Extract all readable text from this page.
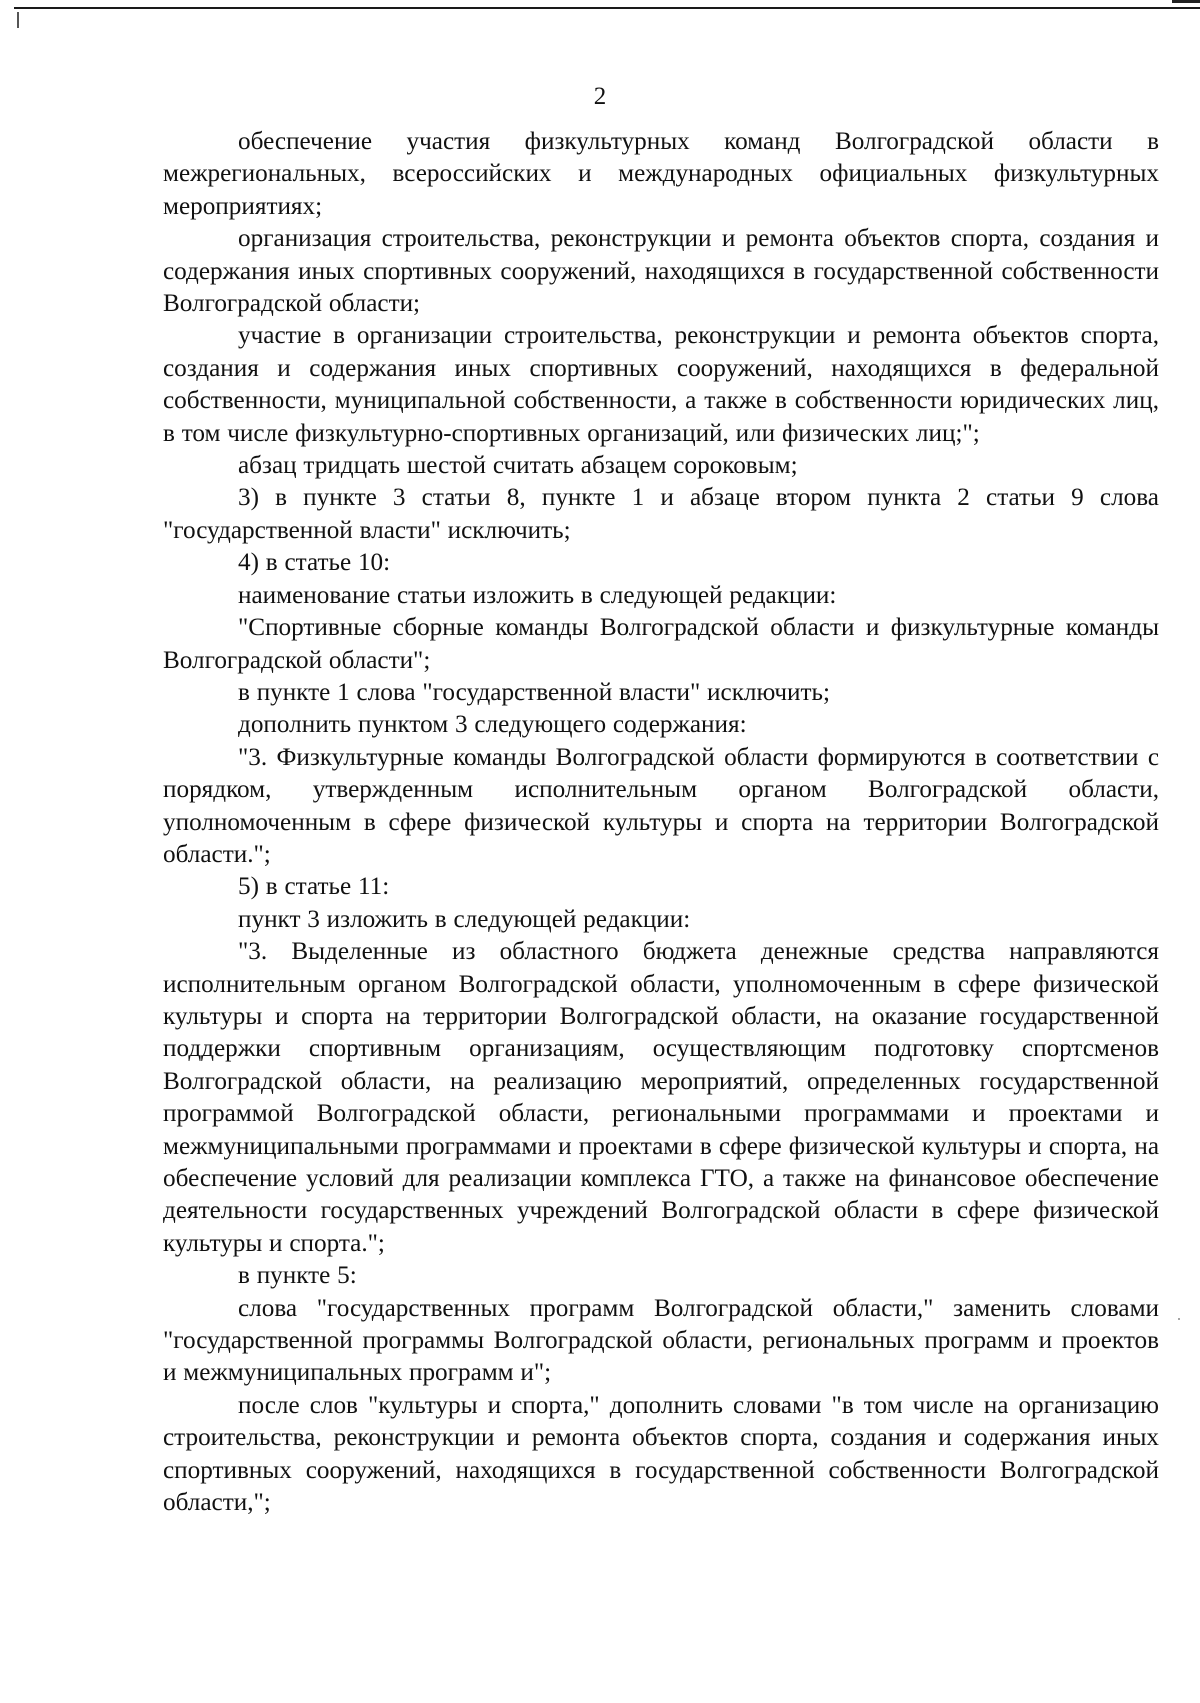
2

обеспечение участия физкультурных команд Волгоградской области в межрегиональных, всероссийских и международных официальных физкультурных мероприятиях;

организация строительства, реконструкции и ремонта объектов спорта, создания и содержания иных спортивных сооружений, находящихся в государственной собственности Волгоградской области;

участие в организации строительства, реконструкции и ремонта объектов спорта, создания и содержания иных спортивных сооружений, находящихся в федеральной собственности, муниципальной собственности, а также в собственности юридических лиц, в том числе физкультурно-спортивных организаций, или физических лиц;";

абзац тридцать шестой считать абзацем сороковым;

3) в пункте 3 статьи 8, пункте 1 и абзаце втором пункта 2 статьи 9 слова "государственной власти" исключить;

4) в статье 10:

наименование статьи изложить в следующей редакции:

"Спортивные сборные команды Волгоградской области и физкультурные команды Волгоградской области";

в пункте 1 слова "государственной власти" исключить;

дополнить пунктом 3 следующего содержания:

"3. Физкультурные команды Волгоградской области формируются в соответствии с порядком, утвержденным исполнительным органом Волгоградской области, уполномоченным в сфере физической культуры и спорта на территории Волгоградской области.";

5) в статье 11:

пункт 3 изложить в следующей редакции:

"3. Выделенные из областного бюджета денежные средства направляются исполнительным органом Волгоградской области, уполномоченным в сфере физической культуры и спорта на территории Волгоградской области, на оказание государственной поддержки спортивным организациям, осуществляющим подготовку спортсменов Волгоградской области, на реализацию мероприятий, определенных государственной программой Волгоградской области, региональными программами и проектами и межмуниципальными программами и проектами в сфере физической культуры и спорта, на обеспечение условий для реализации комплекса ГТО, а также на финансовое обеспечение деятельности государственных учреждений Волгоградской области в сфере физической культуры и спорта.";

в пункте 5:

слова "государственных программ Волгоградской области," заменить словами "государственной программы Волгоградской области, региональных программ и проектов и межмуниципальных программ и";

после слов "культуры и спорта," дополнить словами "в том числе на организацию строительства, реконструкции и ремонта объектов спорта, создания и содержания иных спортивных сооружений, находящихся в государственной собственности Волгоградской области,";
